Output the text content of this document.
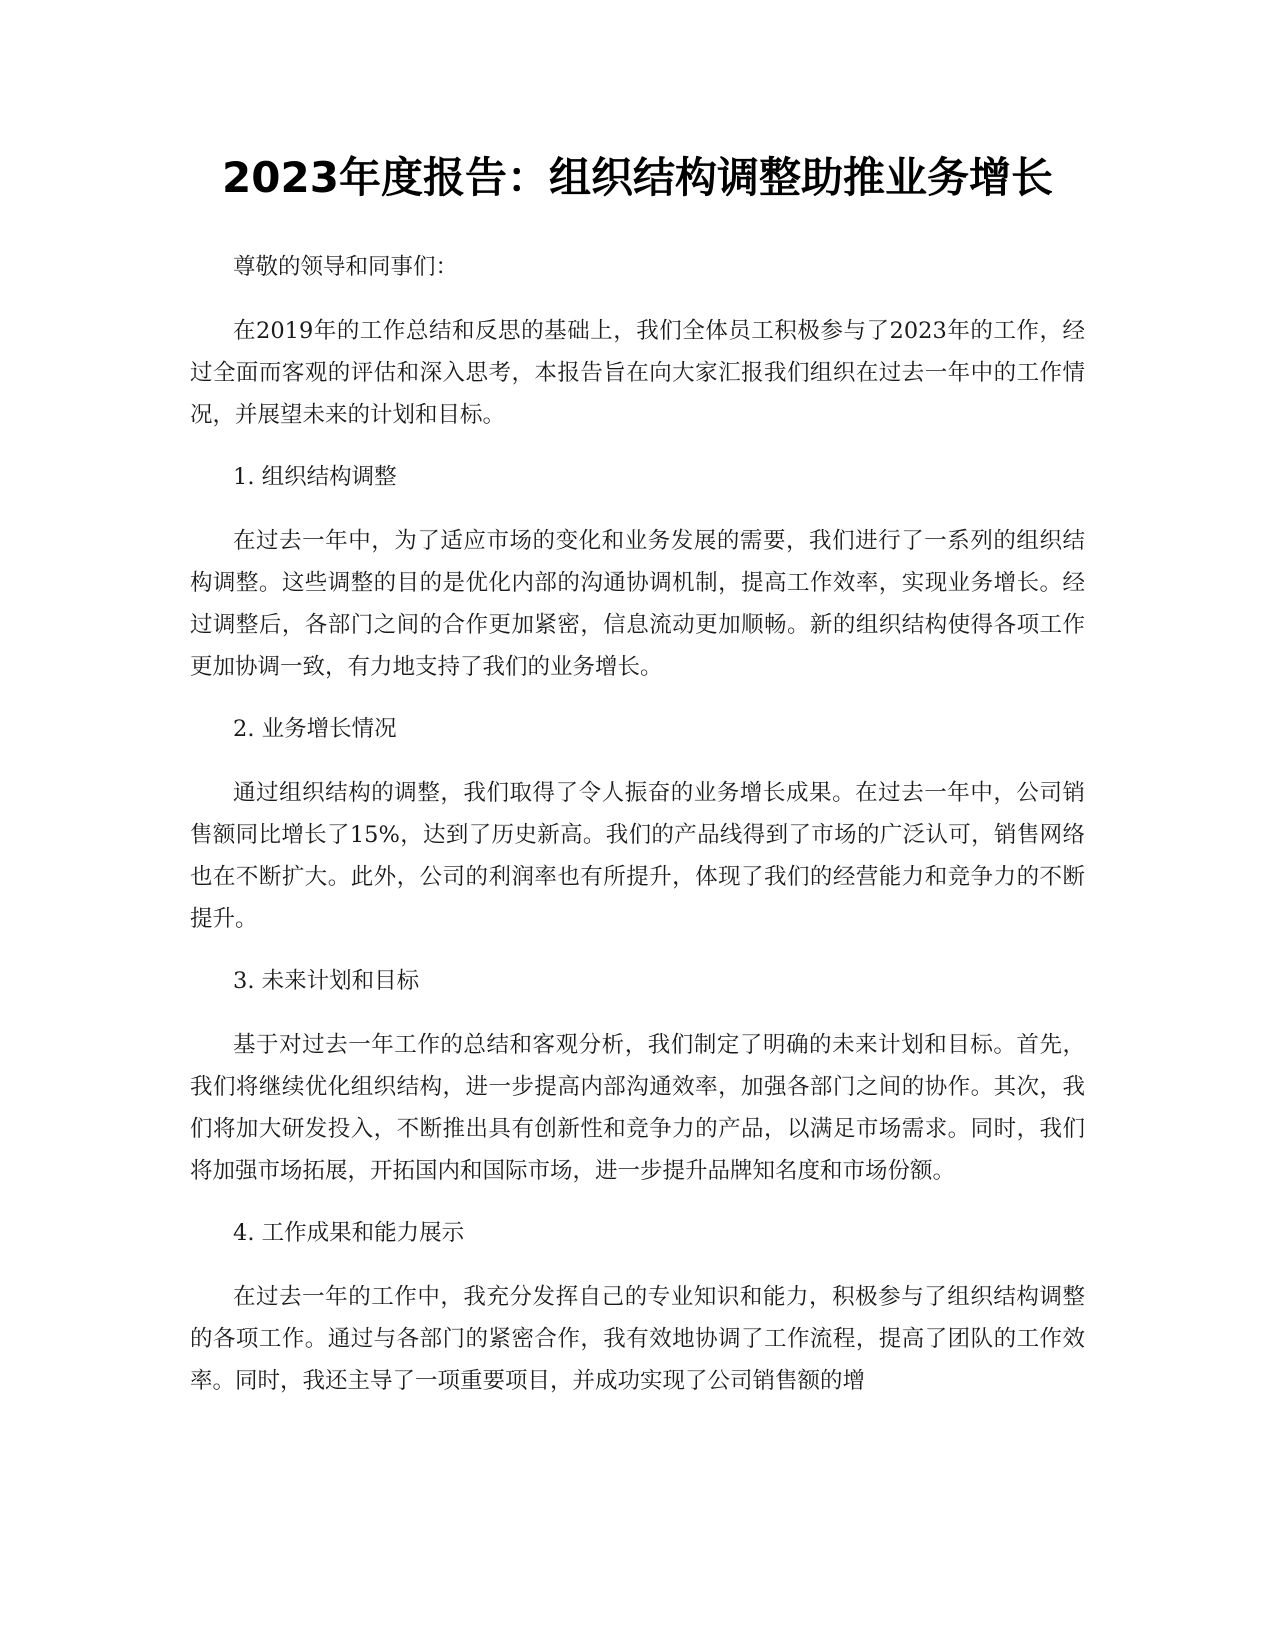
2023年度报告：组织结构调整助推业务增长

尊敬的领导和同事们：

在2019年的工作总结和反思的基础上，我们全体员工积极参与了2023年的工作，经过全面而客观的评估和深入思考，本报告旨在向大家汇报我们组织在过去一年中的工作情况，并展望未来的计划和目标。

1. 组织结构调整

在过去一年中，为了适应市场的变化和业务发展的需要，我们进行了一系列的组织结构调整。这些调整的目的是优化内部的沟通协调机制，提高工作效率，实现业务增长。经过调整后，各部门之间的合作更加紧密，信息流动更加顺畅。新的组织结构使得各项工作更加协调一致，有力地支持了我们的业务增长。

2. 业务增长情况

通过组织结构的调整，我们取得了令人振奋的业务增长成果。在过去一年中，公司销售额同比增长了15%，达到了历史新高。我们的产品线得到了市场的广泛认可，销售网络也在不断扩大。此外，公司的利润率也有所提升，体现了我们的经营能力和竞争力的不断提升。

3. 未来计划和目标

基于对过去一年工作的总结和客观分析，我们制定了明确的未来计划和目标。首先，我们将继续优化组织结构，进一步提高内部沟通效率，加强各部门之间的协作。其次，我们将加大研发投入，不断推出具有创新性和竞争力的产品，以满足市场需求。同时，我们将加强市场拓展，开拓国内和国际市场，进一步提升品牌知名度和市场份额。

4. 工作成果和能力展示

在过去一年的工作中，我充分发挥自己的专业知识和能力，积极参与了组织结构调整的各项工作。通过与各部门的紧密合作，我有效地协调了工作流程，提高了团队的工作效率。同时，我还主导了一项重要项目，并成功实现了公司销售额的增
